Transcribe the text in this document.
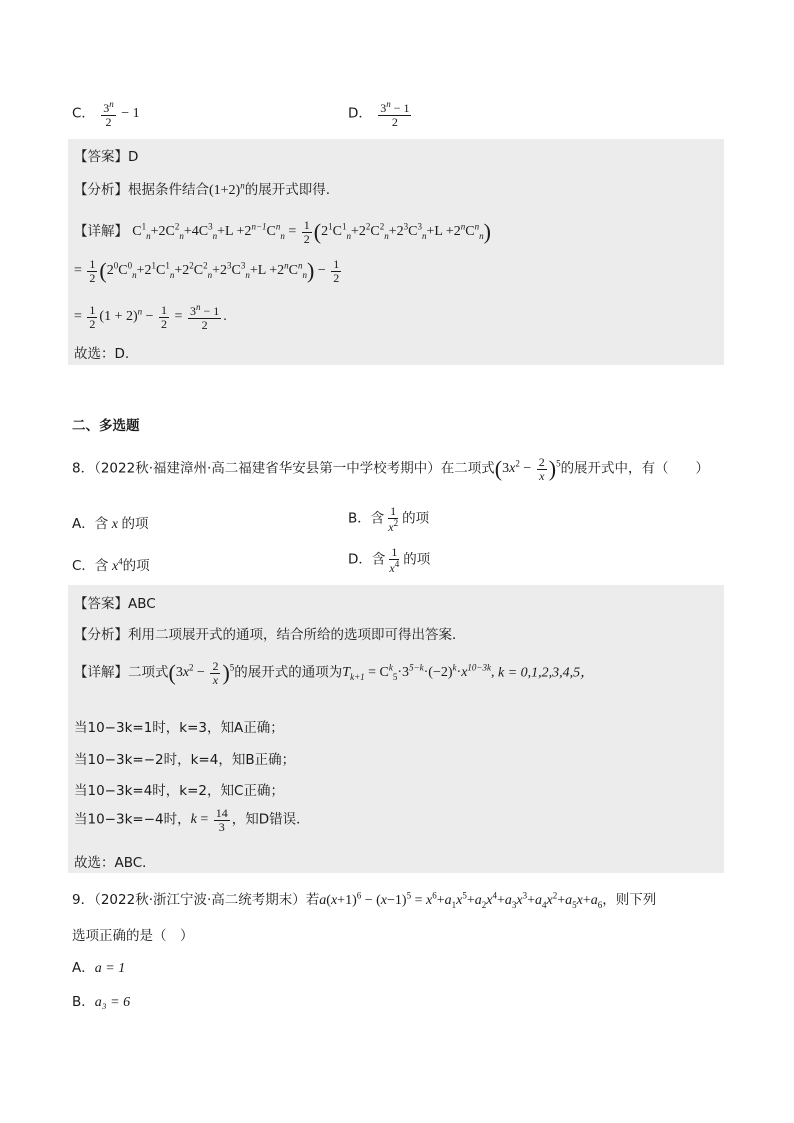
C． $\frac{3^n}{2} - 1$	D． $\frac{3^n - 1}{2}$
【答案】D
【分析】根据条件结合$(1+2)^n$的展开式即得.
【详解】 $C^1_n+2C^2_n+4C^3_n+L +2^{n-1}C^n_n = \frac{1}{2} (2^1C^1_n+2^2C^2_n+2^3C^3_n+L +2^nC^n_n)$
= $\frac{1}{2} (2^0C^0_n+2^1C^1_n+2^2C^2_n+2^3C^3_n+L +2^nC^n_n) - \frac{1}{2}$
= $\frac{1}{2} (1 + 2)^n - \frac{1}{2} = \frac{3^n - 1}{2}$ .
故选：D.
二、多选题
8．（2022秋·福建漳州·高二福建省华安县第一中学校考期中）在二项式$(3x^2 - \frac{2}{x} )^5$的展开式中，有（　　）
A．含 x 的项	B．含 $\frac{1}{x^2}$ 的项
C．含 $x^4$的项	D．含 $\frac{1}{x^4}$ 的项
【答案】ABC
【分析】利用二项展开式的通项，结合所给的选项即可得出答案．
【详解】二项式$(3x^2 - \frac{2}{x} )^5$的展开式的通项为$T_{k+1} = C^k_5\cdot 3^{5-k}\cdot(-2)^k\cdot x^{10-3k}$, k = 0,1,2,3,4,5，
当10−3k=1时，k=3，知A正确；
当10−3k=−2时，k=4，知B正确；
当10−3k=4时，k=2，知C正确；
当10−3k=−4时，$k = \frac{14}{3}$ ，知D错误．
故选：ABC．
9．（2022秋·浙江宁波·高二统考期末）若$a(x+1)^6 - (x-1)^5 = x^6+a_1x^5+a_2x^4+a_3x^3+a_4x^2+a_5x+a_6$，则下列
选项正确的是（　）
A．a = 1
B．a₃ = 6
